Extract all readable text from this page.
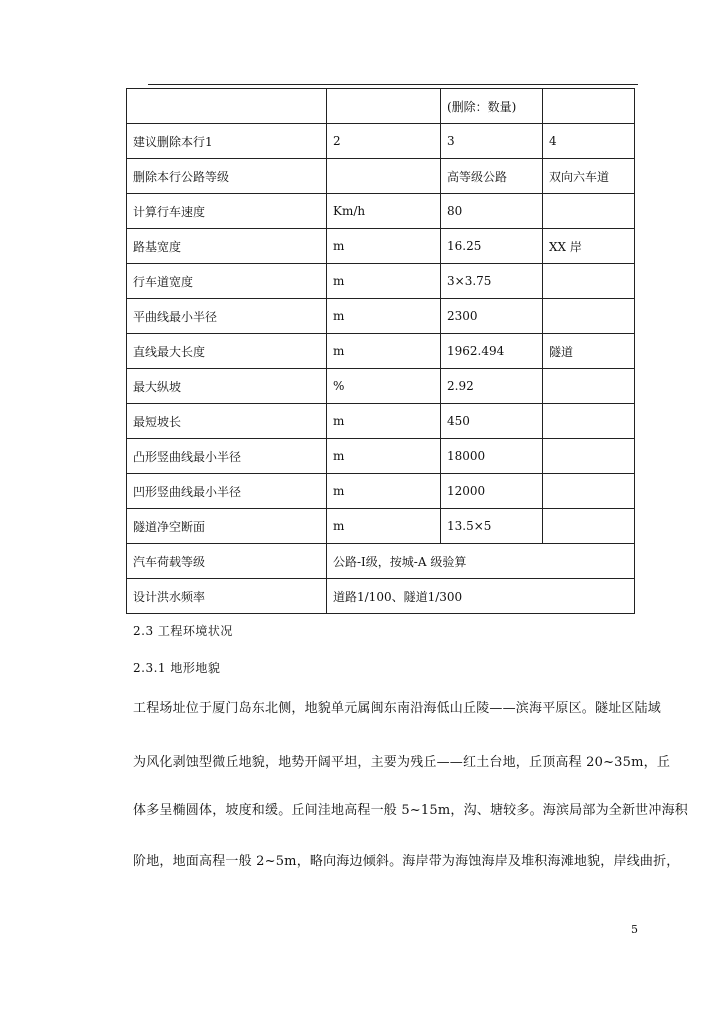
		(删除：数量)	
建议删除本行1	2	3	4
删除本行公路等级		高等级公路	双向六车道
计算行车速度	Km/h	80	
路基宽度	m	16.25	XX 岸
行车道宽度	m	3×3.75	
平曲线最小半径	m	2300	
直线最大长度	m	1962.494	隧道
最大纵坡	%	2.92	
最短坡长	m	450	
凸形竖曲线最小半径	m	18000	
凹形竖曲线最小半径	m	12000	
隧道净空断面	m	13.5×5	
汽车荷载等级	公路-Ⅰ级，按城-A 级验算		
设计洪水频率	道路1/100、隧道1/300		
2.3 工程环境状况
2.3.1 地形地貌
工程场址位于厦门岛东北侧，地貌单元属闽东南沿海低山丘陵——滨海平原区。隧址区陆域
为风化剥蚀型微丘地貌，地势开阔平坦，主要为残丘——红土台地，丘顶高程 20~35m，丘
体多呈椭圆体，坡度和缓。丘间洼地高程一般 5~15m，沟、塘较多。海滨局部为全新世冲海积
阶地，地面高程一般 2~5m，略向海边倾斜。海岸带为海蚀海岸及堆积海滩地貌，岸线曲折，
5
